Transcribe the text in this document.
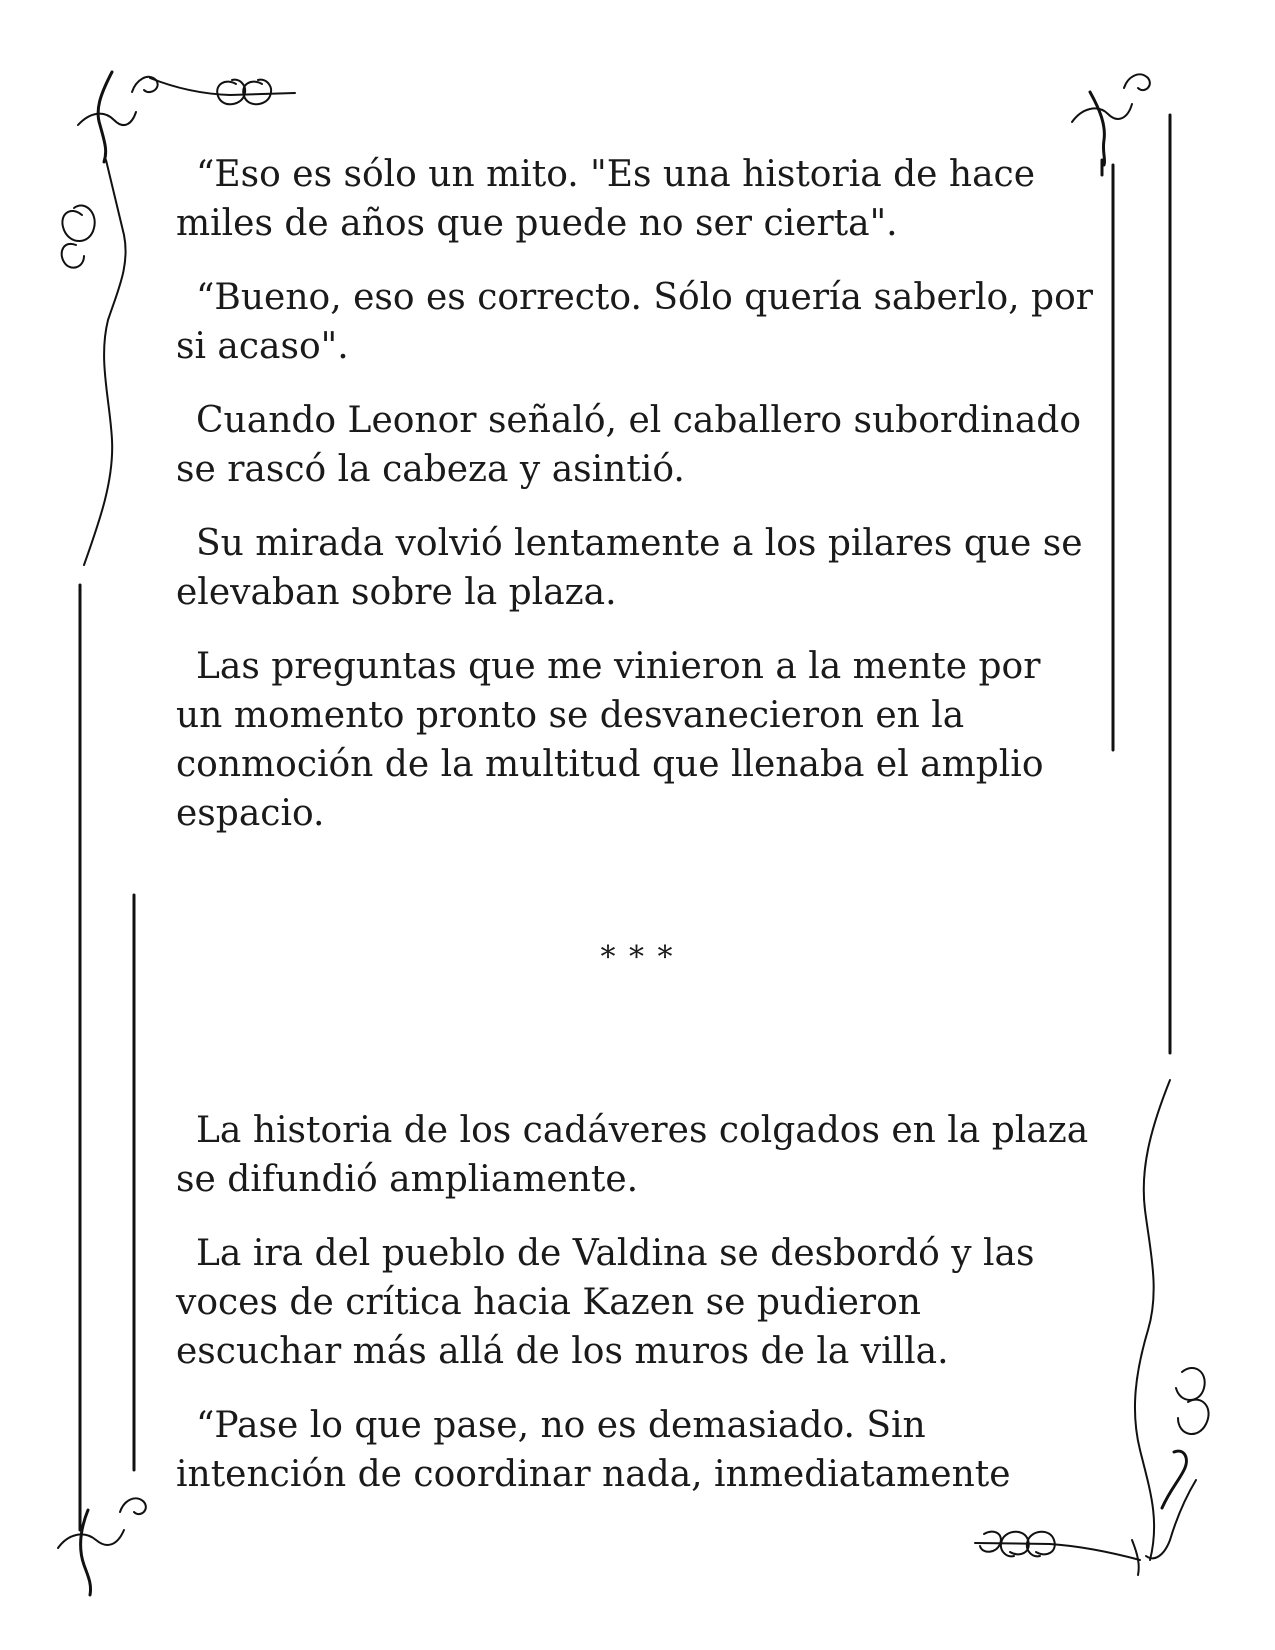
“Eso es sólo un mito. "Es una historia de hace miles de años que puede no ser cierta".

“Bueno, eso es correcto. Sólo quería saberlo, por si acaso".

Cuando Leonor señaló, el caballero subordinado se rascó la cabeza y asintió.

Su mirada volvió lentamente a los pilares que se elevaban sobre la plaza.

Las preguntas que me vinieron a la mente por un momento pronto se desvanecieron en la conmoción de la multitud que llenaba el amplio espacio.

* * *

La historia de los cadáveres colgados en la plaza se difundió ampliamente.

La ira del pueblo de Valdina se desbordó y las voces de crítica hacia Kazen se pudieron escuchar más allá de los muros de la villa.

“Pase lo que pase, no es demasiado. Sin intención de coordinar nada, inmediatamente
